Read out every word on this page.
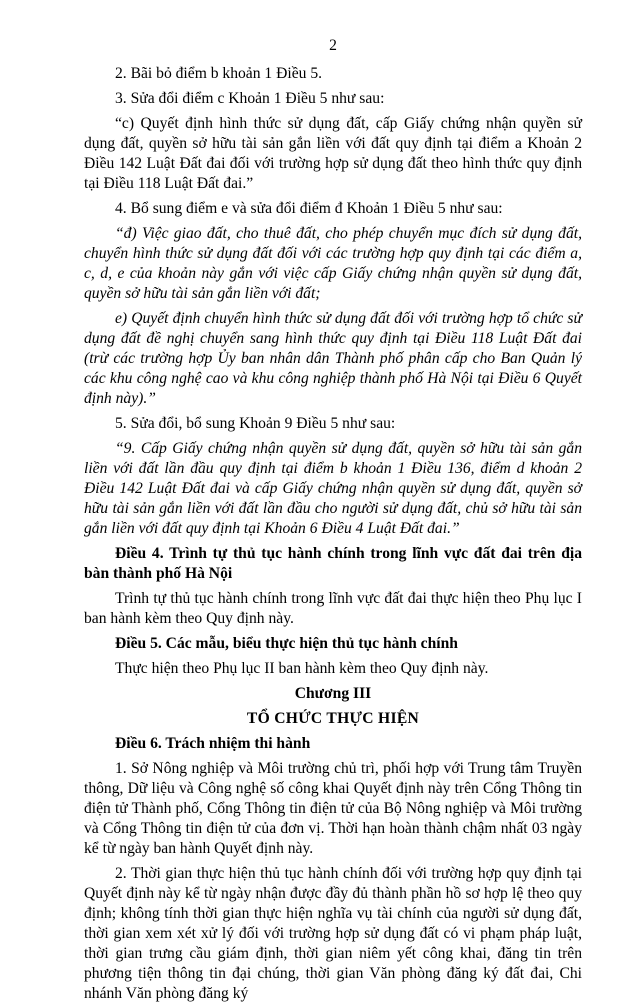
2

2. Bãi bỏ điểm b khoản 1 Điều 5.

3. Sửa đổi điểm c Khoản 1 Điều 5 như sau:

“c) Quyết định hình thức sử dụng đất, cấp Giấy chứng nhận quyền sử dụng đất, quyền sở hữu tài sản gắn liền với đất quy định tại điểm a Khoản 2 Điều 142 Luật Đất đai đối với trường hợp sử dụng đất theo hình thức quy định tại Điều 118 Luật Đất đai.”

4. Bổ sung điểm e và sửa đổi điểm đ Khoản 1 Điều 5 như sau:

“đ) Việc giao đất, cho thuê đất, cho phép chuyển mục đích sử dụng đất, chuyển hình thức sử dụng đất đối với các trường hợp quy định tại các điểm a, c, d, e của khoản này gắn với việc cấp Giấy chứng nhận quyền sử dụng đất, quyền sở hữu tài sản gắn liền với đất;

e) Quyết định chuyển hình thức sử dụng đất đối với trường hợp tổ chức sử dụng đất đề nghị chuyển sang hình thức quy định tại Điều 118 Luật Đất đai (trừ các trường hợp Ủy ban nhân dân Thành phố phân cấp cho Ban Quản lý các khu công nghệ cao và khu công nghiệp thành phố Hà Nội tại Điều 6 Quyết định này).”

5. Sửa đổi, bổ sung Khoản 9 Điều 5 như sau:

“9. Cấp Giấy chứng nhận quyền sử dụng đất, quyền sở hữu tài sản gắn liền với đất lần đầu quy định tại điểm b khoản 1 Điều 136, điểm d khoản 2 Điều 142 Luật Đất đai và cấp Giấy chứng nhận quyền sử dụng đất, quyền sở hữu tài sản gắn liền với đất lần đầu cho người sử dụng đất, chủ sở hữu tài sản gắn liền với đất quy định tại Khoản 6 Điều 4 Luật Đất đai.”

Điều 4. Trình tự thủ tục hành chính trong lĩnh vực đất đai trên địa bàn thành phố Hà Nội

Trình tự thủ tục hành chính trong lĩnh vực đất đai thực hiện theo Phụ lục I ban hành kèm theo Quy định này.

Điều 5. Các mẫu, biểu thực hiện thủ tục hành chính

Thực hiện theo Phụ lục II ban hành kèm theo Quy định này.

Chương III

TỔ CHỨC THỰC HIỆN

Điều 6. Trách nhiệm thi hành

1. Sở Nông nghiệp và Môi trường chủ trì, phối hợp với Trung tâm Truyền thông, Dữ liệu và Công nghệ số công khai Quyết định này trên Cổng Thông tin điện tử Thành phố, Cổng Thông tin điện tử của Bộ Nông nghiệp và Môi trường và Cổng Thông tin điện tử của đơn vị. Thời hạn hoàn thành chậm nhất 03 ngày kể từ ngày ban hành Quyết định này.

2. Thời gian thực hiện thủ tục hành chính đối với trường hợp quy định tại Quyết định này kể từ ngày nhận được đầy đủ thành phần hồ sơ hợp lệ theo quy định; không tính thời gian thực hiện nghĩa vụ tài chính của người sử dụng đất, thời gian xem xét xử lý đối với trường hợp sử dụng đất có vi phạm pháp luật, thời gian trưng cầu giám định, thời gian niêm yết công khai, đăng tin trên phương tiện thông tin đại chúng, thời gian Văn phòng đăng ký đất đai, Chi nhánh Văn phòng đăng ký
